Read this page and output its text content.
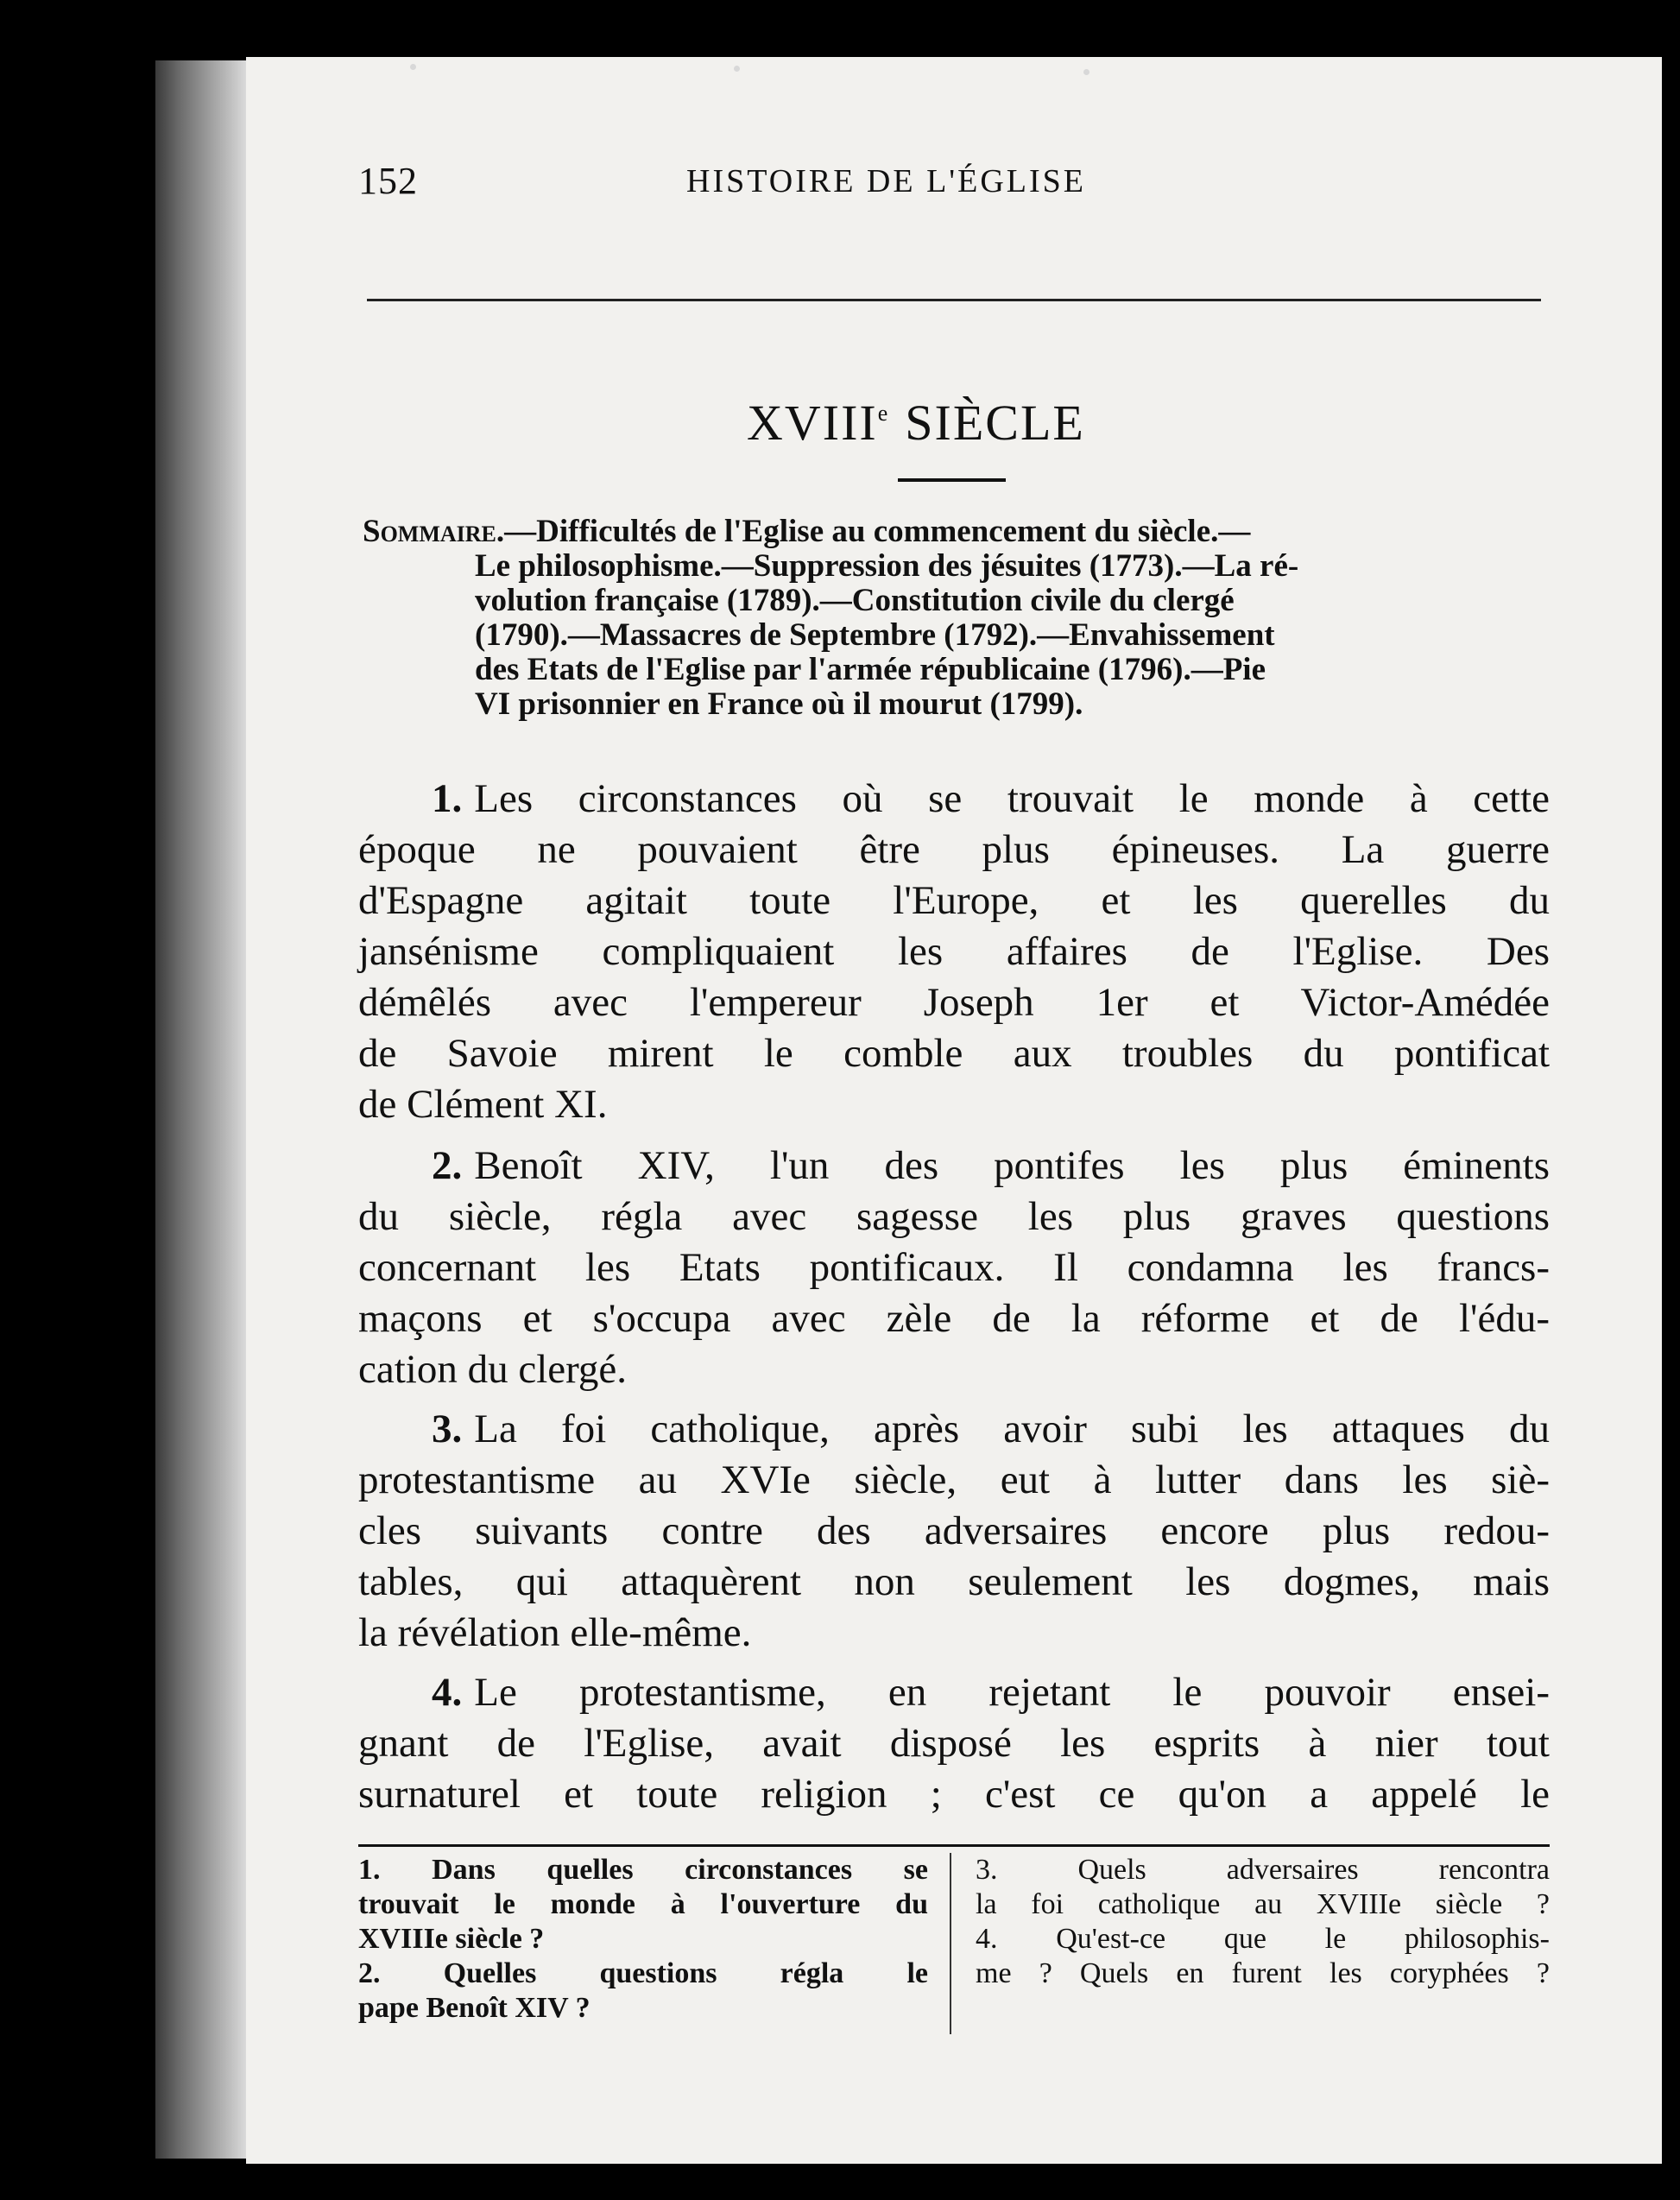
152	HISTOIRE DE L'ÉGLISE
XVIIIe SIÈCLE
Sommaire.—Difficultés de l'Eglise au commencement du siècle.—
Le philosophisme.—Suppression des jésuites (1773).—La ré-
volution française (1789).—Constitution civile du clergé
(1790).—Massacres de Septembre (1792).—Envahissement
des Etats de l'Eglise par l'armée républicaine (1796).—Pie
VI prisonnier en France où il mourut (1799).
1. Les circonstances où se trouvait le monde à cette
époque ne pouvaient être plus épineuses. La guerre
d'Espagne agitait toute l'Europe, et les querelles du
jansénisme compliquaient les affaires de l'Eglise. Des
démêlés avec l'empereur Joseph 1er et Victor-Amédée
de Savoie mirent le comble aux troubles du pontificat
de Clément XI.
2. Benoît XIV, l'un des pontifes les plus éminents
du siècle, régla avec sagesse les plus graves questions
concernant les Etats pontificaux. Il condamna les francs-
maçons et s'occupa avec zèle de la réforme et de l'édu-
cation du clergé.
3. La foi catholique, après avoir subi les attaques du
protestantisme au XVIe siècle, eut à lutter dans les siè-
cles suivants contre des adversaires encore plus redou-
tables, qui attaquèrent non seulement les dogmes, mais
la révélation elle-même.
4. Le protestantisme, en rejetant le pouvoir ensei-
gnant de l'Eglise, avait disposé les esprits à nier tout
surnaturel et toute religion ; c'est ce qu'on a appelé le
1. Dans quelles circonstances se
trouvait le monde à l'ouverture du
XVIIIe siècle ?
2. Quelles questions régla le
pape Benoît XIV ?
3. Quels adversaires rencontra
la foi catholique au XVIIIe siècle ?
4. Qu'est-ce que le philosophis-
me ? Quels en furent les coryphées ?
